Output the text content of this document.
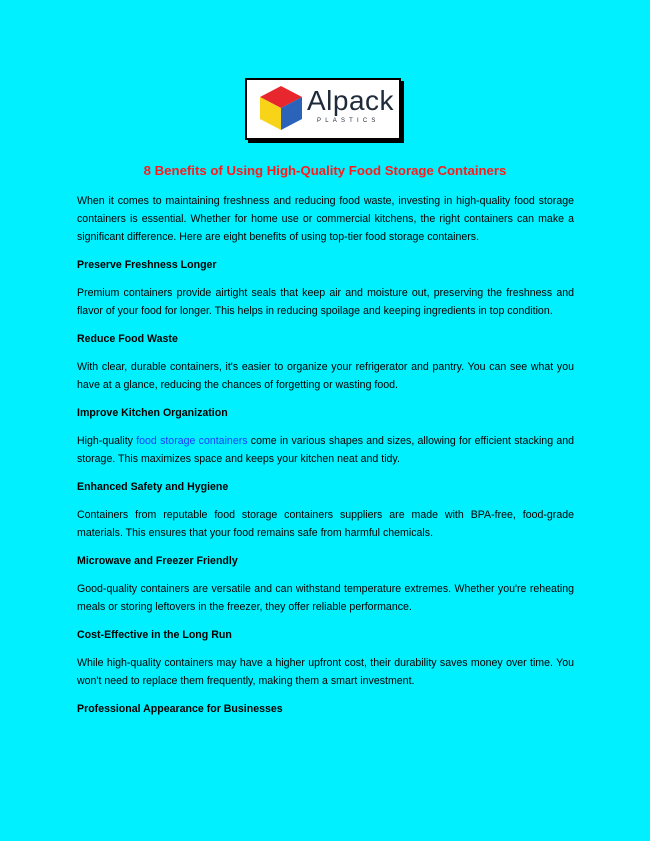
Alpack
PLASTICS
8 Benefits of Using High-Quality Food Storage Containers

When it comes to maintaining freshness and reducing food waste, investing in high-quality food storage containers is essential. Whether for home use or commercial kitchens, the right containers can make a significant difference. Here are eight benefits of using top-tier food storage containers.

Preserve Freshness Longer

Premium containers provide airtight seals that keep air and moisture out, preserving the freshness and flavor of your food for longer. This helps in reducing spoilage and keeping ingredients in top condition.

Reduce Food Waste

With clear, durable containers, it's easier to organize your refrigerator and pantry. You can see what you have at a glance, reducing the chances of forgetting or wasting food.

Improve Kitchen Organization

High-quality food storage containers come in various shapes and sizes, allowing for efficient stacking and storage. This maximizes space and keeps your kitchen neat and tidy.

Enhanced Safety and Hygiene

Containers from reputable food storage containers suppliers are made with BPA-free, food-grade materials. This ensures that your food remains safe from harmful chemicals.

Microwave and Freezer Friendly

Good-quality containers are versatile and can withstand temperature extremes. Whether you're reheating meals or storing leftovers in the freezer, they offer reliable performance.

Cost-Effective in the Long Run

While high-quality containers may have a higher upfront cost, their durability saves money over time. You won't need to replace them frequently, making them a smart investment.

Professional Appearance for Businesses
